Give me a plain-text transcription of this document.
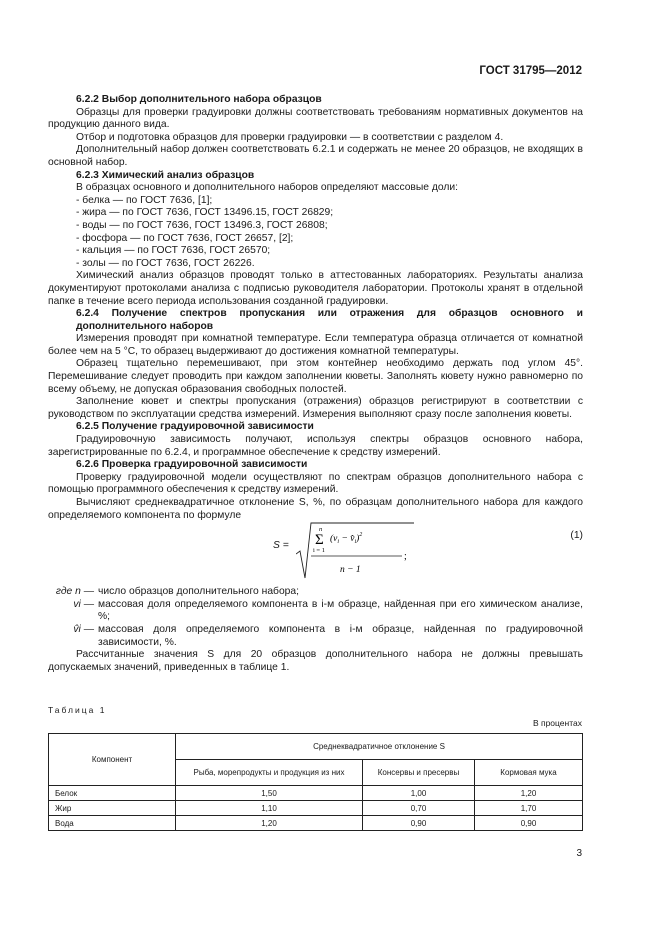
ГОСТ 31795—2012

6.2.2 Выбор дополнительного набора образцов

Образцы для проверки градуировки должны соответствовать требованиям нормативных документов на продукцию данного вида.

Отбор и подготовка образцов для проверки градуировки — в соответствии с разделом 4.

Дополнительный набор должен соответствовать 6.2.1 и содержать не менее 20 образцов, не входящих в основной набор.

6.2.3 Химический анализ образцов

В образцах основного и дополнительного наборов определяют массовые доли:

- белка — по ГОСТ 7636, [1];

- жира — по ГОСТ 7636, ГОСТ 13496.15, ГОСТ 26829;

- воды — по ГОСТ 7636, ГОСТ 13496.3, ГОСТ 26808;

- фосфора — по ГОСТ 7636, ГОСТ 26657, [2];

- кальция — по ГОСТ 7636, ГОСТ 26570;

- золы — по ГОСТ 7636, ГОСТ 26226.

Химический анализ образцов проводят только в аттестованных лабораториях. Результаты анализа документируют протоколами анализа с подписью руководителя лаборатории. Протоколы хранят в отдельной папке в течение всего периода использования созданной градуировки.

6.2.4 Получение спектров пропускания или отражения для образцов основного и дополнительного наборов

Измерения проводят при комнатной температуре. Если температура образца отличается от комнатной более чем на 5 °С, то образец выдерживают до достижения комнатной температуры.

Образец тщательно перемешивают, при этом контейнер необходимо держать под углом 45°. Перемешивание следует проводить при каждом заполнении кюветы. Заполнять кювету нужно равномерно по всему объему, не допуская образования свободных полостей.

Заполнение кювет и спектры пропускания (отражения) образцов регистрируют в соответствии с руководством по эксплуатации средства измерений. Измерения выполняют сразу после заполнения кюветы.

6.2.5 Получение градуировочной зависимости

Градуировочную зависимость получают, используя спектры образцов основного набора, зарегистрированные по 6.2.4, и программное обеспечение к средству измерений.

6.2.6 Проверка градуировочной зависимости

Проверку градуировочной модели осуществляют по спектрам образцов дополнительного набора с помощью программного обеспечения к средству измерений.

Вычисляют среднеквадратичное отклонение S, %, по образцам дополнительного набора для каждого определяемого компонента по формуле

S =
n
Σ
i = 1
($v_i$ − $v̂_i)^2$
n − 1
;
(1)
где n — число образцов дополнительного набора;
vi — массовая доля определяемого компонента в i-м образце, найденная при его химическом анализе, %;
v̂i — массовая доля определяемого компонента в i-м образце, найденная по градуировочной зависимости, %.

Рассчитанные значения S для 20 образцов дополнительного набора не должны превышать допускаемых значений, приведенных в таблице 1.

Таблица 1
В процентах
Компонент	Среднеквадратичное отклонение S		
	Рыба, морепродукты и продукция из них	Консервы и пресервы	Кормовая мука
Белок	1,50	1,00	1,20
Жир	1,10	0,70	1,70
Вода	1,20	0,90	0,90
3
